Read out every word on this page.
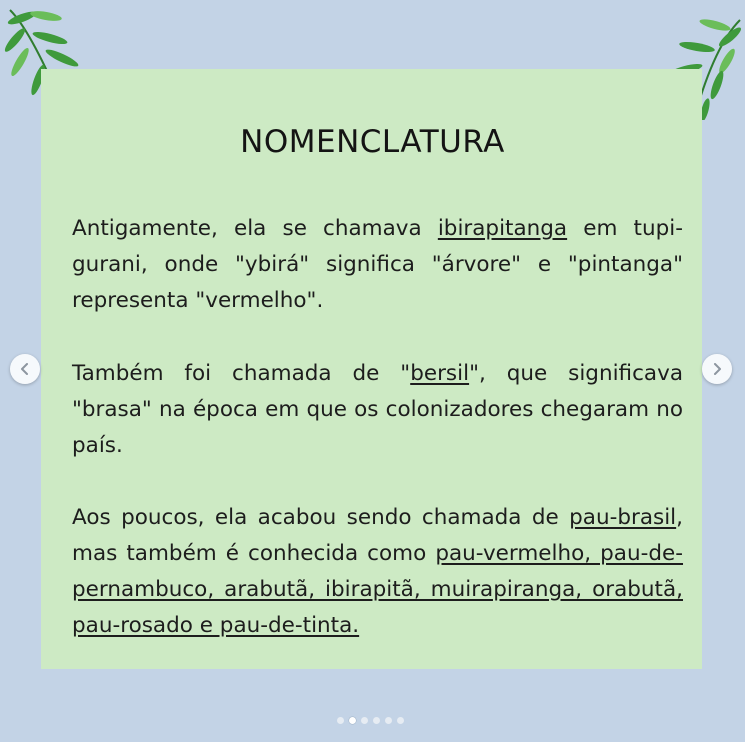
NOMENCLATURA

Antigamente, ela se chamava ibirapitanga em tupi-gurani, onde "ybirá" significa "árvore" e "pintanga" representa "vermelho".

Também foi chamada de "bersil", que significava "brasa" na época em que os colonizadores chegaram no país.

Aos poucos, ela acabou sendo chamada de pau-brasil, mas também é conhecida como pau-vermelho, pau-de-pernambuco, arabutã, ibirapitã, muirapiranga, orabutã, pau-rosado e pau-de-tinta.
